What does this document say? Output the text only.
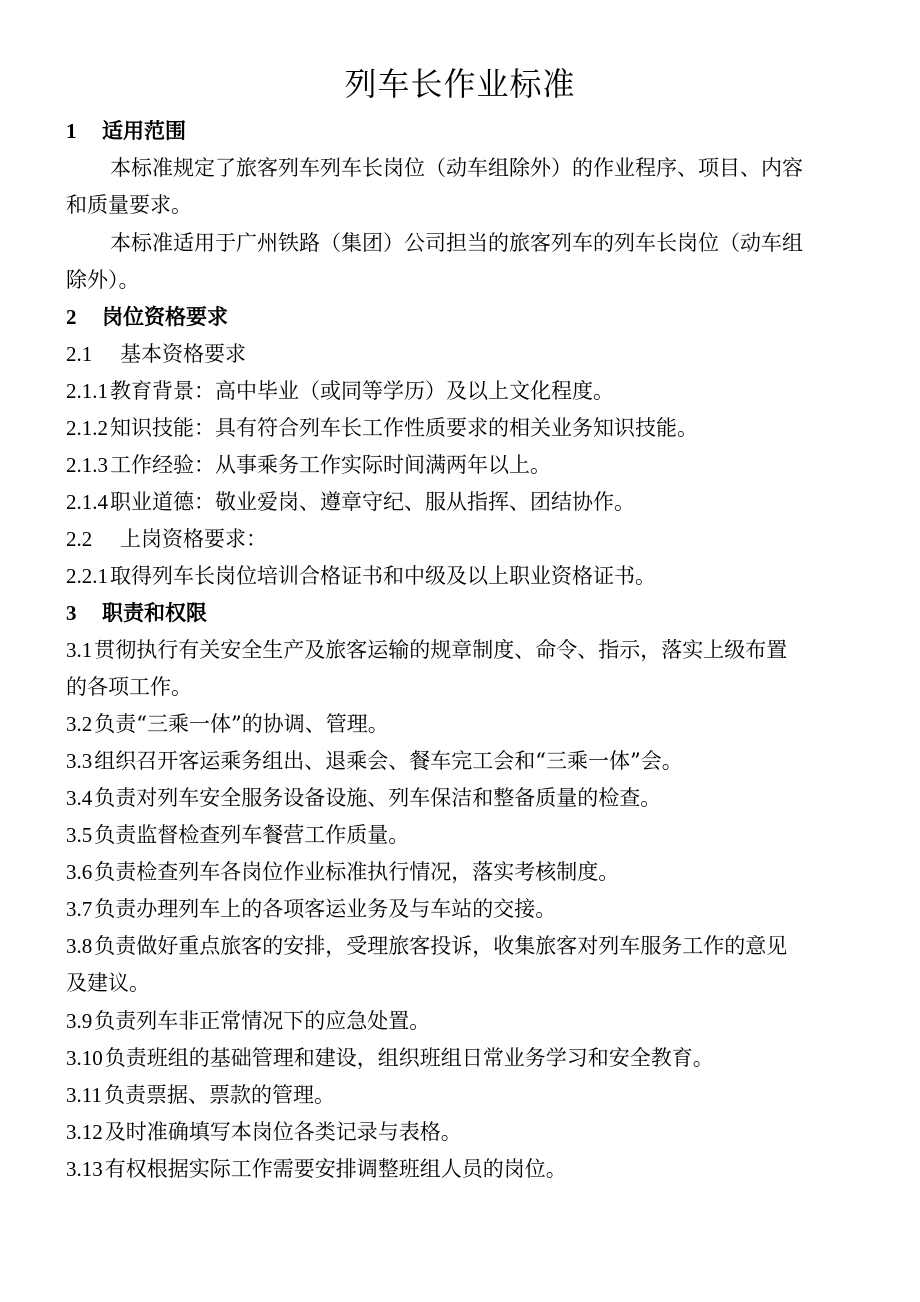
列车长作业标准
1 适用范围
本标准规定了旅客列车列车长岗位（动车组除外）的作业程序、项目、内容
和质量要求。
本标准适用于广州铁路（集团）公司担当的旅客列车的列车长岗位（动车组
除外）。
2 岗位资格要求
2.1 基本资格要求
2.1.1教育背景：高中毕业（或同等学历）及以上文化程度。
2.1.2知识技能：具有符合列车长工作性质要求的相关业务知识技能。
2.1.3工作经验：从事乘务工作实际时间满两年以上。
2.1.4职业道德：敬业爱岗、遵章守纪、服从指挥、团结协作。
2.2 上岗资格要求：
2.2.1取得列车长岗位培训合格证书和中级及以上职业资格证书。
3 职责和权限
3.1贯彻执行有关安全生产及旅客运输的规章制度、命令、指示，落实上级布置
的各项工作。
3.2负责“三乘一体”的协调、管理。
3.3组织召开客运乘务组出、退乘会、餐车完工会和“三乘一体”会。
3.4负责对列车安全服务设备设施、列车保洁和整备质量的检查。
3.5负责监督检查列车餐营工作质量。
3.6负责检查列车各岗位作业标准执行情况，落实考核制度。
3.7负责办理列车上的各项客运业务及与车站的交接。
3.8负责做好重点旅客的安排，受理旅客投诉，收集旅客对列车服务工作的意见
及建议。
3.9负责列车非正常情况下的应急处置。
3.10负责班组的基础管理和建设，组织班组日常业务学习和安全教育。
3.11负责票据、票款的管理。
3.12及时准确填写本岗位各类记录与表格。
3.13有权根据实际工作需要安排调整班组人员的岗位。
